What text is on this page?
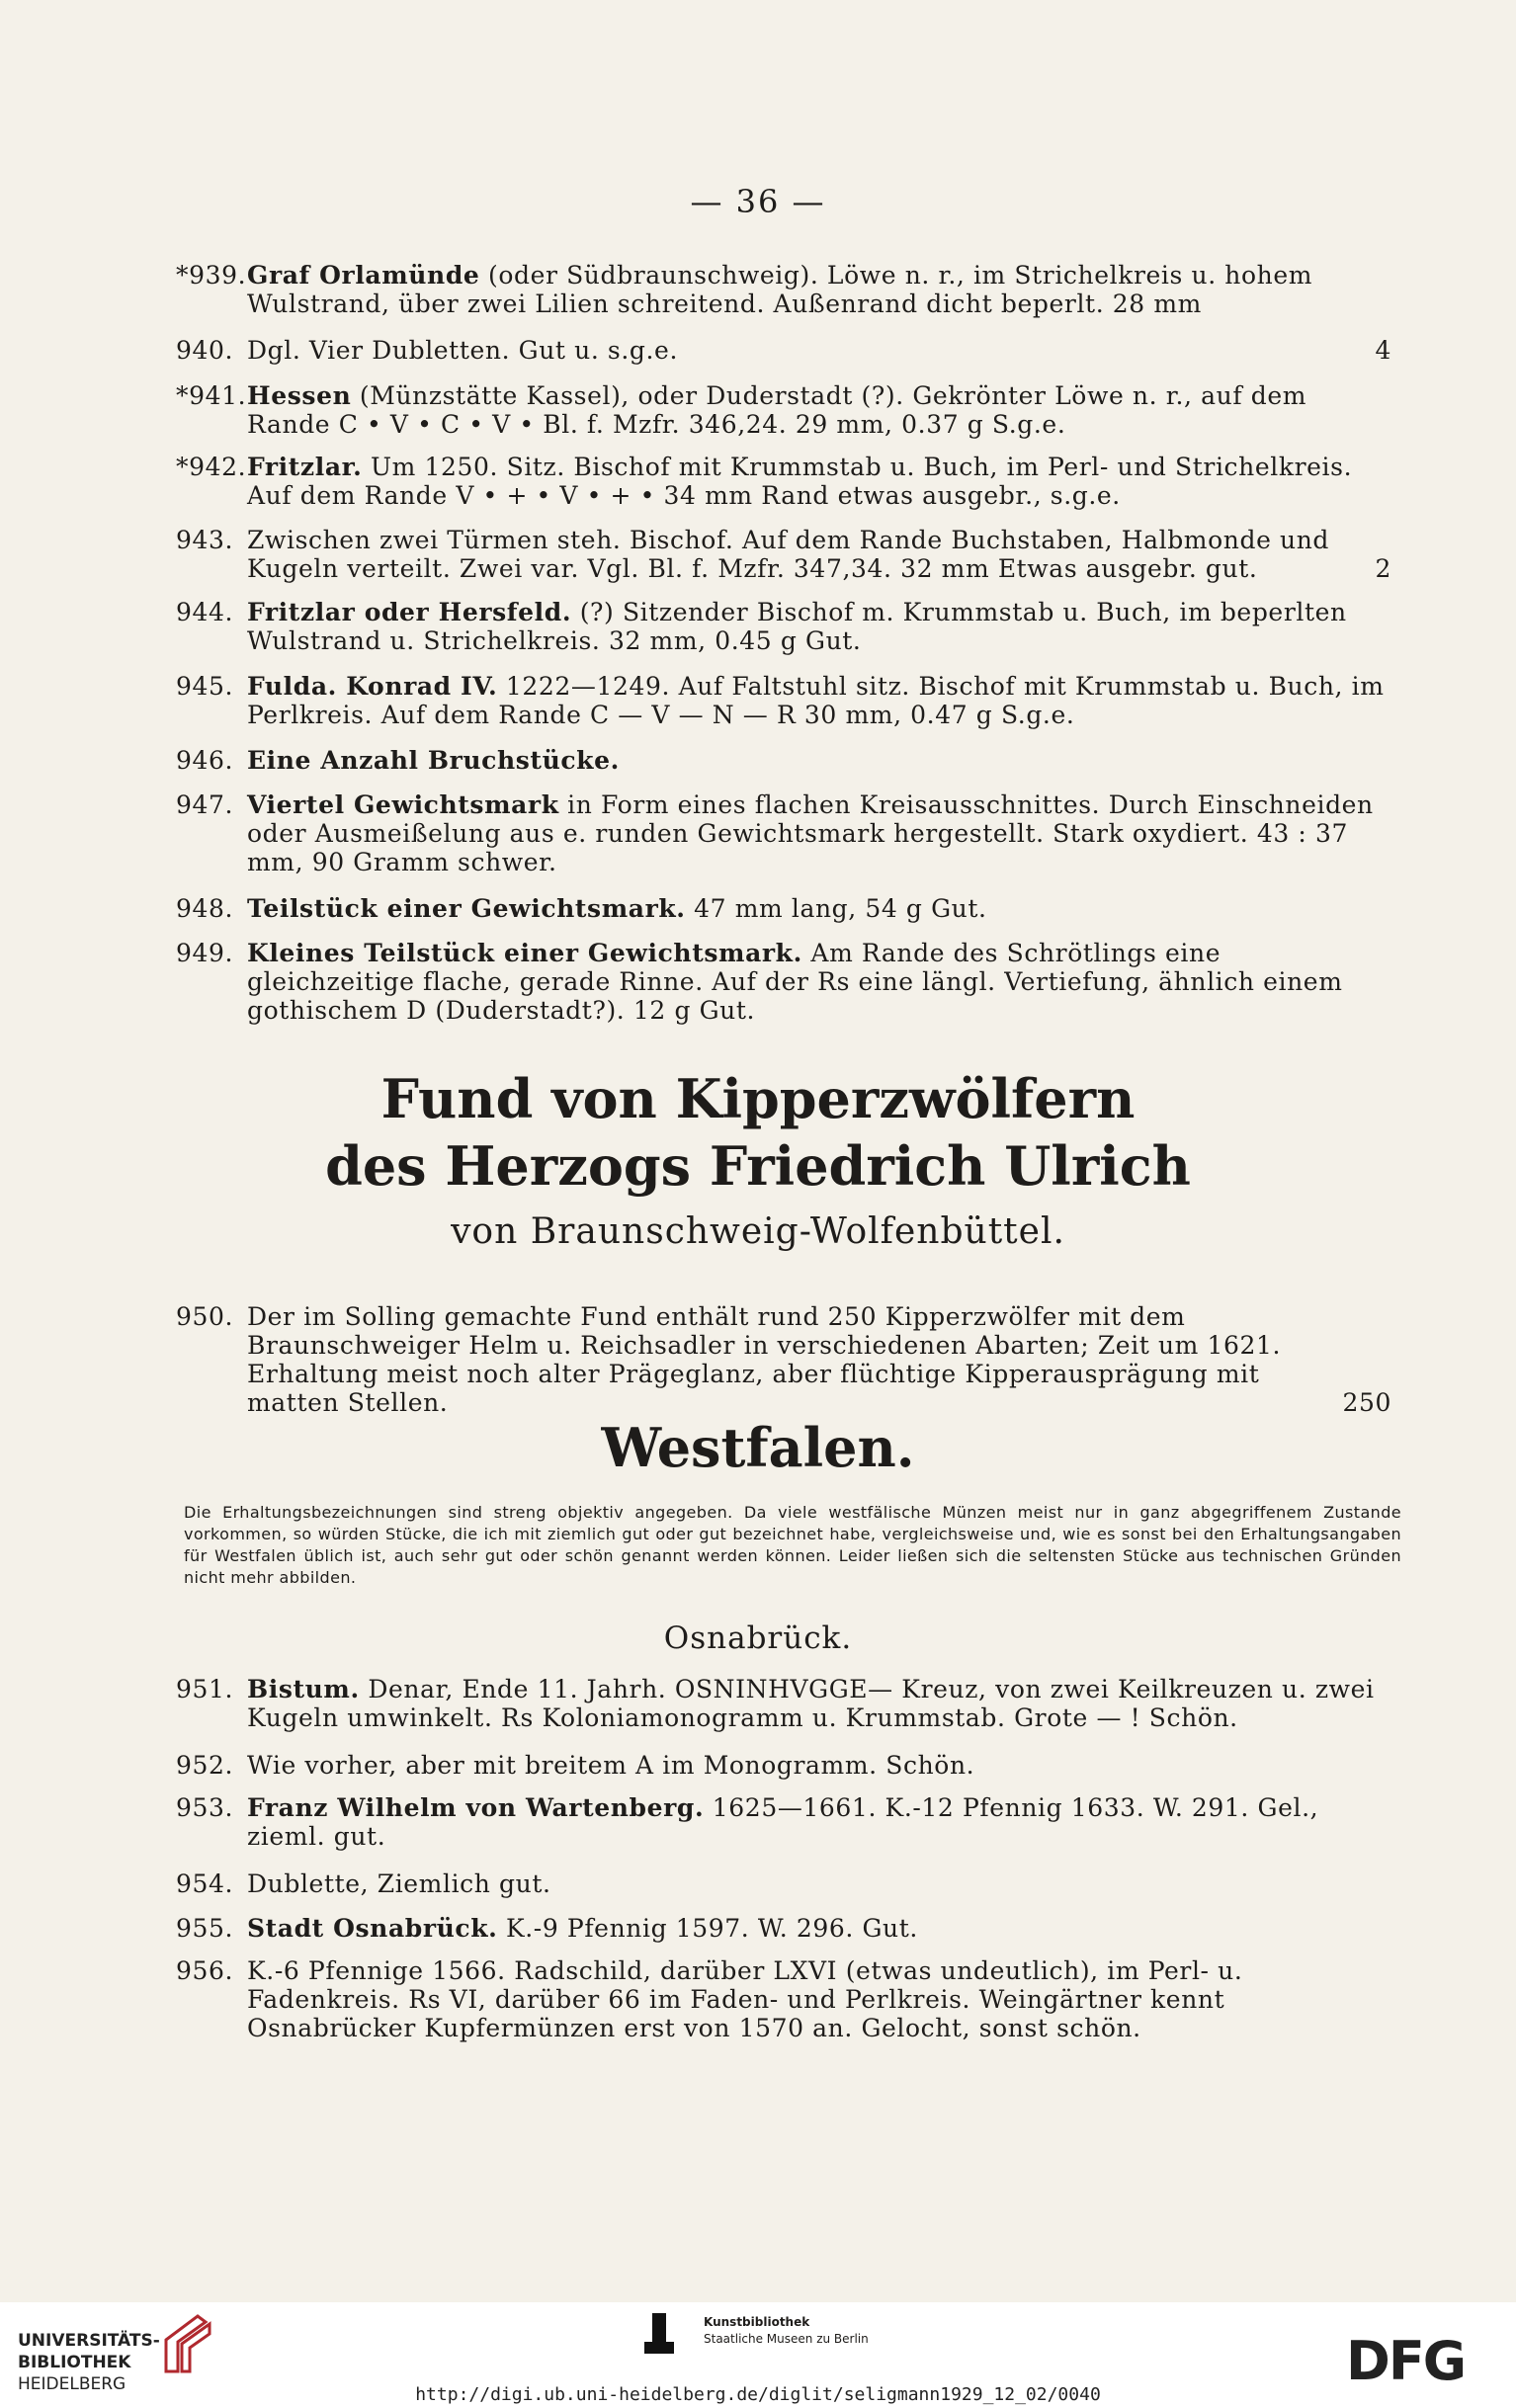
— 36 —
*939. Graf Orlamünde (oder Südbraunschweig). Löwe n. r., im Strichelkreis u. hohem Wulstrand, über zwei Lilien schreitend. Außenrand dicht beperlt. 28 mm
940. Dgl. Vier Dubletten. Gut u. s.g.e.	4
*941. Hessen (Münzstätte Kassel), oder Duderstadt (?). Gekrönter Löwe n. r., auf dem Rande C • V • C • V • Bl. f. Mzfr. 346,24. 29 mm, 0.37 g S.g.e.
*942. Fritzlar. Um 1250. Sitz. Bischof mit Krummstab u. Buch, im Perl- und Strichelkreis. Auf dem Rande V • + • V • + • 34 mm Rand etwas ausgebr., s.g.e.
943. Zwischen zwei Türmen steh. Bischof. Auf dem Rande Buchstaben, Halbmonde und Kugeln verteilt. Zwei var. Vgl. Bl. f. Mzfr. 347,34. 32 mm Etwas ausgebr. gut.	2
944. Fritzlar oder Hersfeld. (?) Sitzender Bischof m. Krummstab u. Buch, im beperlten Wulstrand u. Strichelkreis. 32 mm, 0.45 g Gut.
945. Fulda. Konrad IV. 1222—1249. Auf Faltstuhl sitz. Bischof mit Krummstab u. Buch, im Perlkreis. Auf dem Rande C — V — N — R 30 mm, 0.47 g S.g.e.
946. Eine Anzahl Bruchstücke.
947. Viertel Gewichtsmark in Form eines flachen Kreisausschnittes. Durch Einschneiden oder Ausmeißelung aus e. runden Gewichtsmark hergestellt. Stark oxydiert. 43 : 37 mm, 90 Gramm schwer.
948. Teilstück einer Gewichtsmark. 47 mm lang, 54 g Gut.
949. Kleines Teilstück einer Gewichtsmark. Am Rande des Schrötlings eine gleichzeitige flache, gerade Rinne. Auf der Rs eine längl. Vertiefung, ähnlich einem gothischem D (Duderstadt?). 12 g Gut.
Fund von Kipperzwölfern
des Herzogs Friedrich Ulrich
von Braunschweig-Wolfenbüttel.
950. Der im Solling gemachte Fund enthält rund 250 Kipperzwölfer mit dem Braunschweiger Helm u. Reichsadler in verschiedenen Abarten; Zeit um 1621. Erhaltung meist noch alter Prägeglanz, aber flüchtige Kipperausprägung mit matten Stellen.	250
Westfalen.
Die Erhaltungsbezeichnungen sind streng objektiv angegeben. Da viele westfälische Münzen meist nur in ganz abgegriffenem Zustande vorkommen, so würden Stücke, die ich mit ziemlich gut oder gut bezeichnet habe, vergleichsweise und, wie es sonst bei den Erhaltungsangaben für Westfalen üblich ist, auch sehr gut oder schön genannt werden können. Leider ließen sich die seltensten Stücke aus technischen Gründen nicht mehr abbilden.
Osnabrück.
951. Bistum. Denar, Ende 11. Jahrh. OSNINHVGGE— Kreuz, von zwei Keilkreuzen u. zwei Kugeln umwinkelt. Rs Koloniamonogramm u. Krummstab. Grote — ! Schön.
952. Wie vorher, aber mit breitem A im Monogramm. Schön.
953. Franz Wilhelm von Wartenberg. 1625—1661. K.-12 Pfennig 1633. W. 291. Gel., zieml. gut.
954. Dublette, Ziemlich gut.
955. Stadt Osnabrück. K.-9 Pfennig 1597. W. 296. Gut.
956. K.-6 Pfennige 1566. Radschild, darüber LXVI (etwas undeutlich), im Perl- u. Fadenkreis. Rs VI, darüber 66 im Faden- und Perlkreis. Weingärtner kennt Osnabrücker Kupfermünzen erst von 1570 an. Gelocht, sonst schön.
UNIVERSITÄTS-
BIBLIOTHEK
HEIDELBERG
Kunstbibliothek
Staatliche Museen zu Berlin	DFG
http://digi.ub.uni-heidelberg.de/diglit/seligmann1929_12_02/0040
